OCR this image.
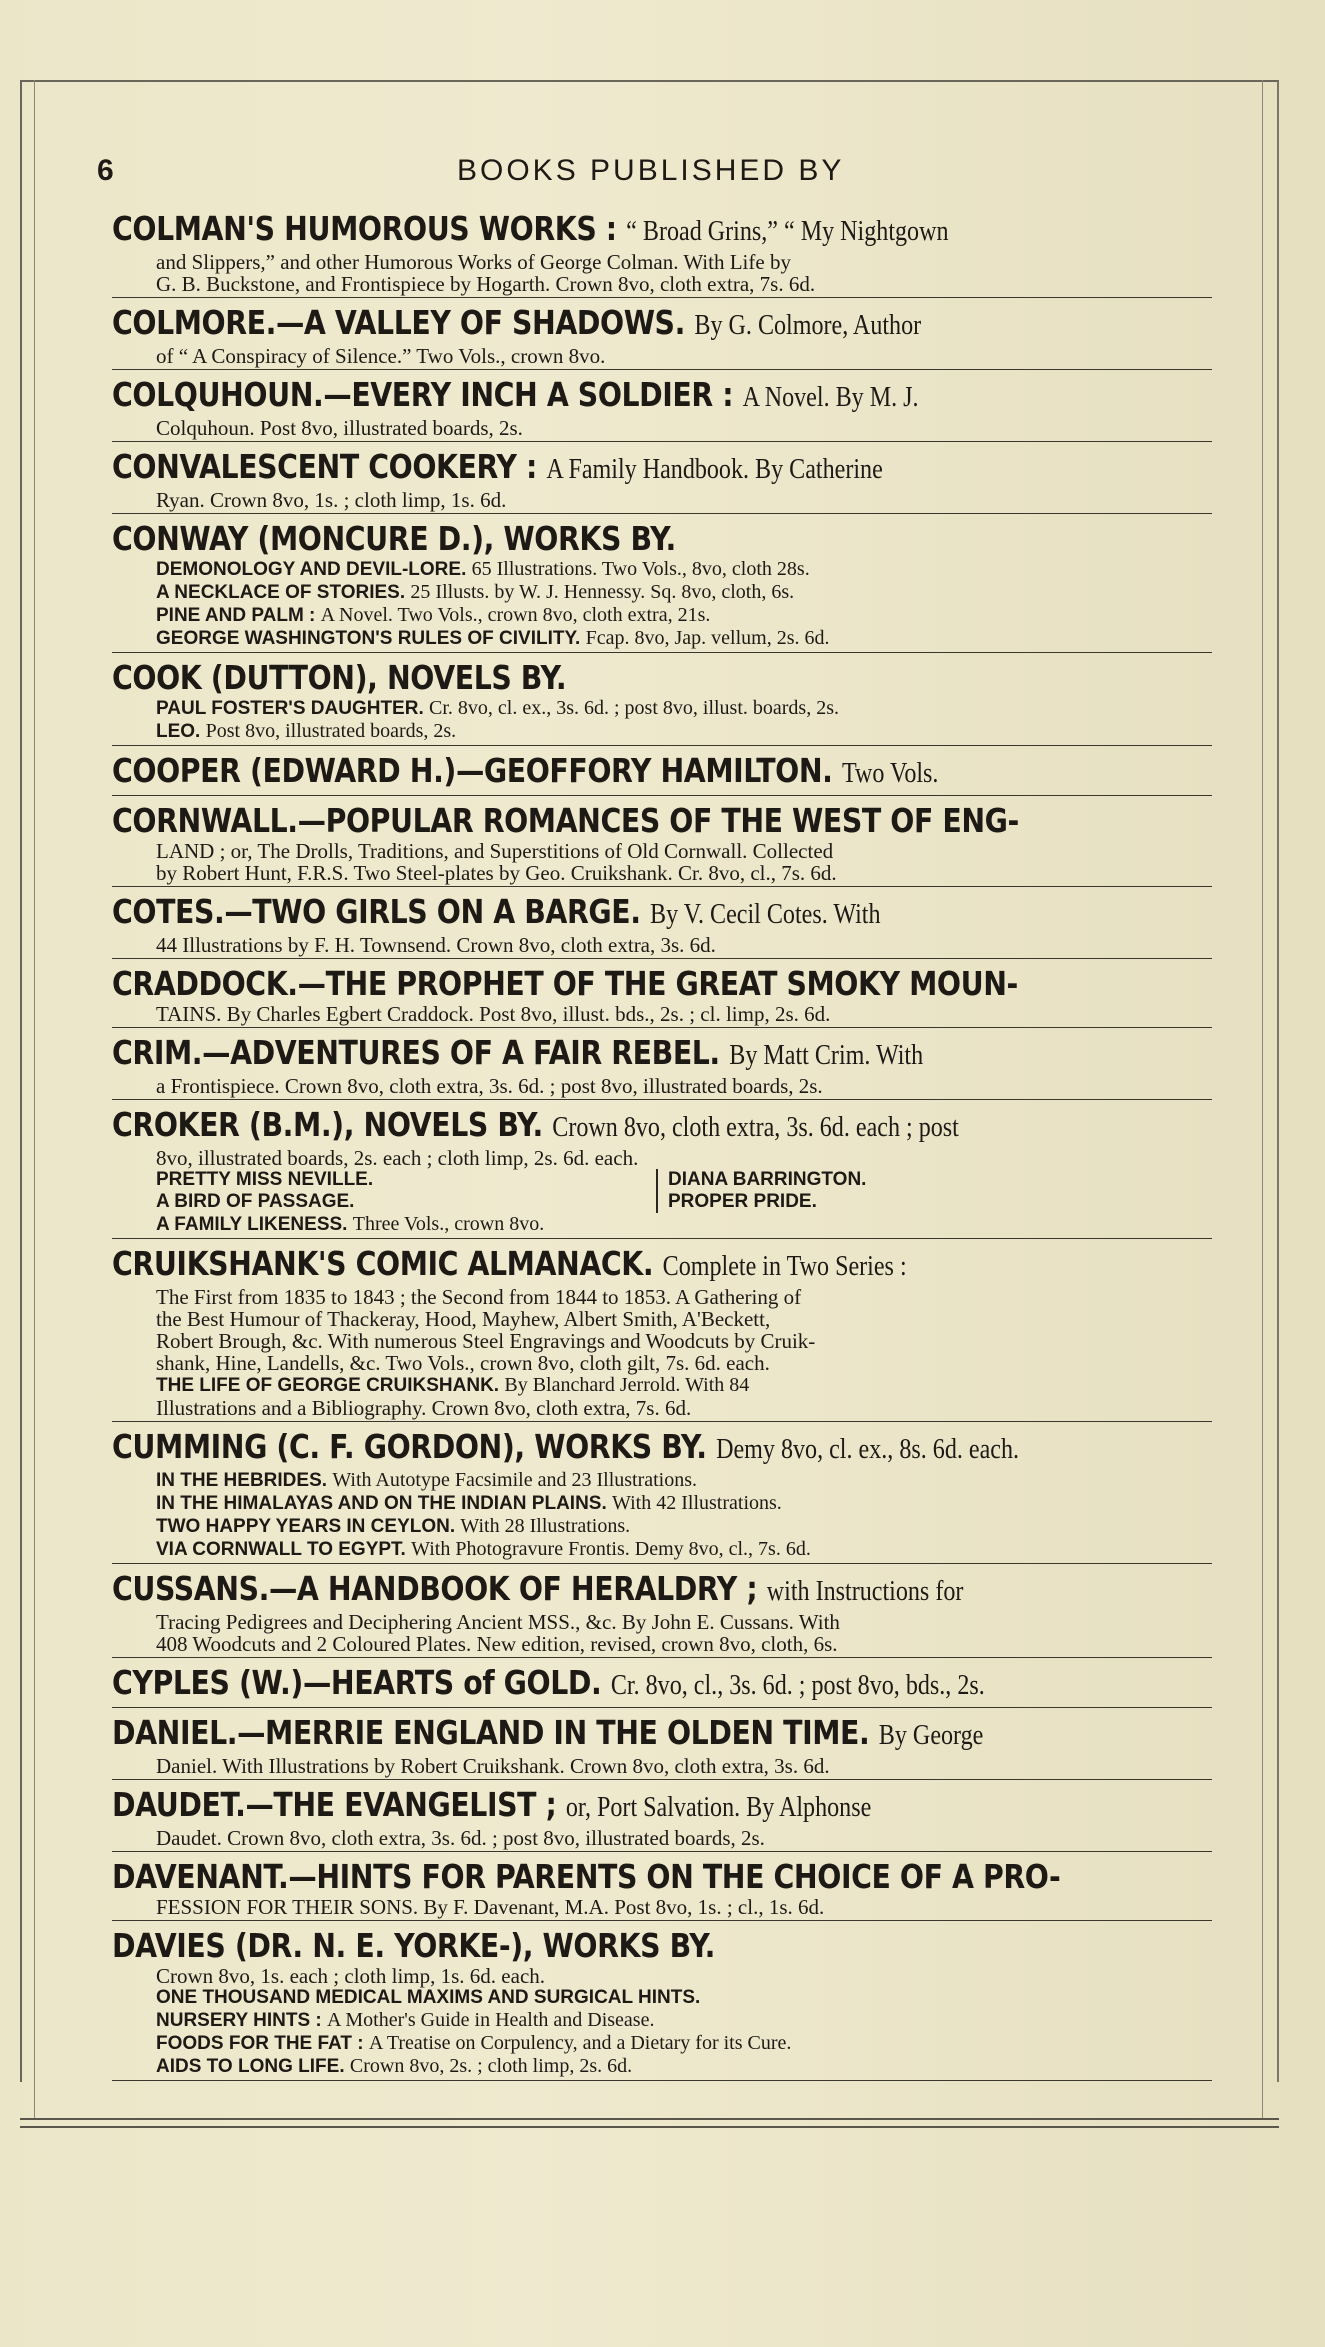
6	BOOKS PUBLISHED BY
COLMAN'S HUMOROUS WORKS : “ Broad Grins,” “ My Nightgown
and Slippers,” and other Humorous Works of George Colman. With Life by
G. B. Buckstone, and Frontispiece by Hogarth. Crown 8vo, cloth extra, 7s. 6d.
COLMORE.—A VALLEY OF SHADOWS. By G. Colmore, Author
of “ A Conspiracy of Silence.” Two Vols., crown 8vo.
COLQUHOUN.—EVERY INCH A SOLDIER : A Novel. By M. J.
Colquhoun. Post 8vo, illustrated boards, 2s.
CONVALESCENT COOKERY : A Family Handbook. By Catherine
Ryan. Crown 8vo, 1s. ; cloth limp, 1s. 6d.
CONWAY (MONCURE D.), WORKS BY.
DEMONOLOGY AND DEVIL-LORE. 65 Illustrations. Two Vols., 8vo, cloth 28s.
A NECKLACE OF STORIES. 25 Illusts. by W. J. Hennessy. Sq. 8vo, cloth, 6s.
PINE AND PALM : A Novel. Two Vols., crown 8vo, cloth extra, 21s.
GEORGE WASHINGTON'S RULES OF CIVILITY. Fcap. 8vo, Jap. vellum, 2s. 6d.
COOK (DUTTON), NOVELS BY.
PAUL FOSTER'S DAUGHTER. Cr. 8vo, cl. ex., 3s. 6d. ; post 8vo, illust. boards, 2s.
LEO. Post 8vo, illustrated boards, 2s.
COOPER (EDWARD H.)—GEOFFORY HAMILTON. Two Vols.
CORNWALL.—POPULAR ROMANCES OF THE WEST OF ENG-
LAND ; or, The Drolls, Traditions, and Superstitions of Old Cornwall. Collected
by Robert Hunt, F.R.S. Two Steel-plates by Geo. Cruikshank. Cr. 8vo, cl., 7s. 6d.
COTES.—TWO GIRLS ON A BARGE. By V. Cecil Cotes. With
44 Illustrations by F. H. Townsend. Crown 8vo, cloth extra, 3s. 6d.
CRADDOCK.—THE PROPHET OF THE GREAT SMOKY MOUN-
TAINS. By Charles Egbert Craddock. Post 8vo, illust. bds., 2s. ; cl. limp, 2s. 6d.
CRIM.—ADVENTURES OF A FAIR REBEL. By Matt Crim. With
a Frontispiece. Crown 8vo, cloth extra, 3s. 6d. ; post 8vo, illustrated boards, 2s.
CROKER (B.M.), NOVELS BY. Crown 8vo, cloth extra, 3s. 6d. each ; post
8vo, illustrated boards, 2s. each ; cloth limp, 2s. 6d. each.
PRETTY MISS NEVILLE.
A BIRD OF PASSAGE.
DIANA BARRINGTON.
PROPER PRIDE.
A FAMILY LIKENESS. Three Vols., crown 8vo.
CRUIKSHANK'S COMIC ALMANACK. Complete in Two Series :
The First from 1835 to 1843 ; the Second from 1844 to 1853. A Gathering of
the Best Humour of Thackeray, Hood, Mayhew, Albert Smith, A'Beckett,
Robert Brough, &c. With numerous Steel Engravings and Woodcuts by Cruik-
shank, Hine, Landells, &c. Two Vols., crown 8vo, cloth gilt, 7s. 6d. each.
THE LIFE OF GEORGE CRUIKSHANK. By Blanchard Jerrold. With 84
Illustrations and a Bibliography. Crown 8vo, cloth extra, 7s. 6d.
CUMMING (C. F. GORDON), WORKS BY. Demy 8vo, cl. ex., 8s. 6d. each.
IN THE HEBRIDES. With Autotype Facsimile and 23 Illustrations.
IN THE HIMALAYAS AND ON THE INDIAN PLAINS. With 42 Illustrations.
TWO HAPPY YEARS IN CEYLON. With 28 Illustrations.
VIA CORNWALL TO EGYPT. With Photogravure Frontis. Demy 8vo, cl., 7s. 6d.
CUSSANS.—A HANDBOOK OF HERALDRY ; with Instructions for
Tracing Pedigrees and Deciphering Ancient MSS., &c. By John E. Cussans. With
408 Woodcuts and 2 Coloured Plates. New edition, revised, crown 8vo, cloth, 6s.
CYPLES (W.)—HEARTS of GOLD. Cr. 8vo, cl., 3s. 6d. ; post 8vo, bds., 2s.
DANIEL.—MERRIE ENGLAND IN THE OLDEN TIME. By George
Daniel. With Illustrations by Robert Cruikshank. Crown 8vo, cloth extra, 3s. 6d.
DAUDET.—THE EVANGELIST ; or, Port Salvation. By Alphonse
Daudet. Crown 8vo, cloth extra, 3s. 6d. ; post 8vo, illustrated boards, 2s.
DAVENANT.—HINTS FOR PARENTS ON THE CHOICE OF A PRO-
FESSION FOR THEIR SONS. By F. Davenant, M.A. Post 8vo, 1s. ; cl., 1s. 6d.
DAVIES (DR. N. E. YORKE-), WORKS BY.
Crown 8vo, 1s. each ; cloth limp, 1s. 6d. each.
ONE THOUSAND MEDICAL MAXIMS AND SURGICAL HINTS.
NURSERY HINTS : A Mother's Guide in Health and Disease.
FOODS FOR THE FAT : A Treatise on Corpulency, and a Dietary for its Cure.
AIDS TO LONG LIFE. Crown 8vo, 2s. ; cloth limp, 2s. 6d.
